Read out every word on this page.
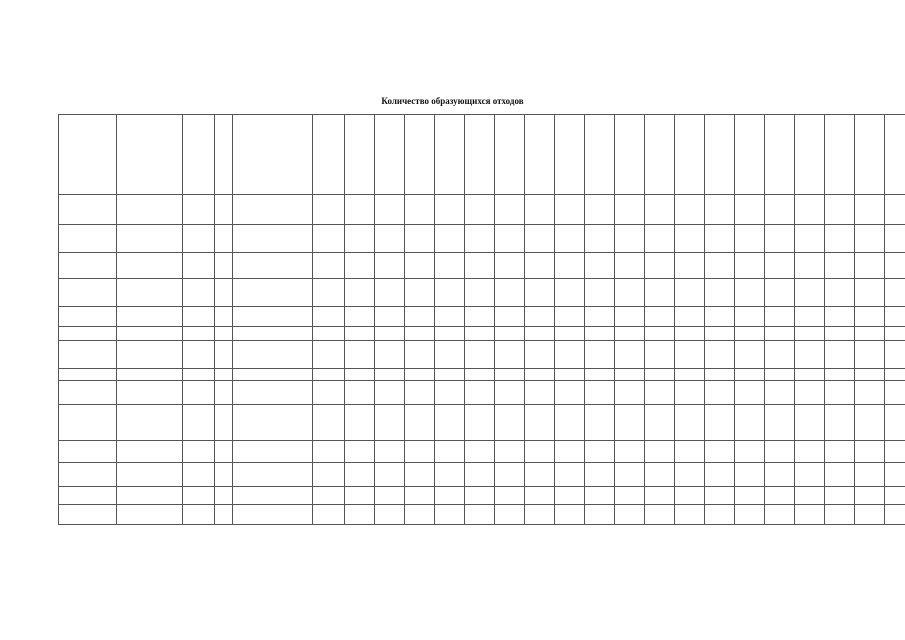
Количество образующихся отходов
